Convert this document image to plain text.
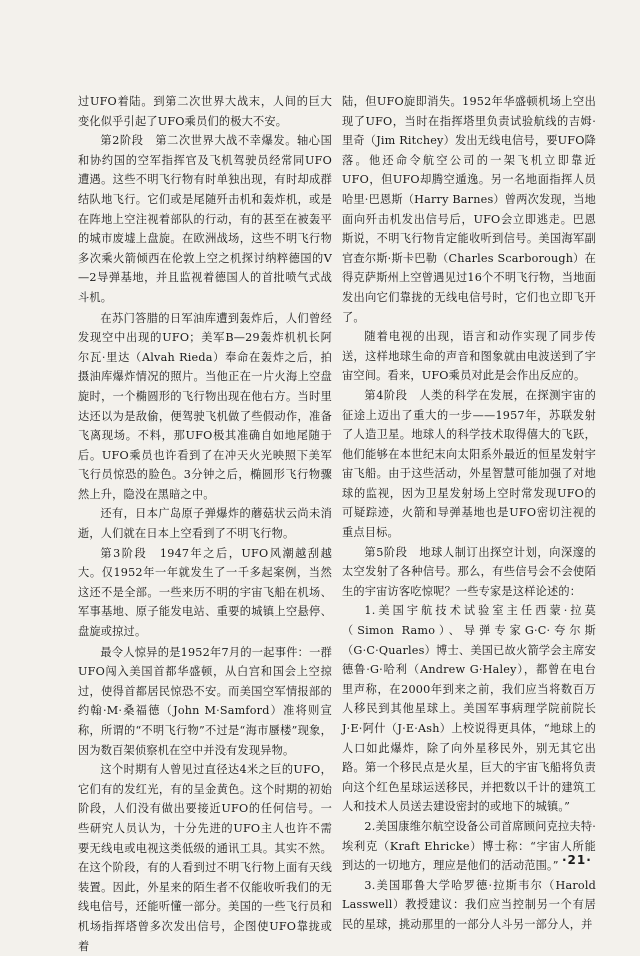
过UFO着陆。到第二次世界大战末，人间的巨大变化似乎引起了UFO乘员们的极大不安。

第2阶段　第二次世界大战不幸爆发。轴心国和协约国的空军指挥官及飞机驾驶员经常同UFO遭遇。这些不明飞行物有时单独出现，有时却成群结队地飞行。它们或是尾随歼击机和轰炸机，或是在阵地上空注视着部队的行动，有的甚至在被轰平的城市废墟上盘旋。在欧洲战场，这些不明飞行物多次乘火箭倾西在伦敦上空之机探讨纳粹德国的V—2导弹基地，并且监视着德国人的首批喷气式战斗机。

在苏门答腊的日军油库遭到轰炸后，人们曾经发现空中出现的UFO；美军B—29轰炸机机长阿尔瓦·里达（Alvah Rieda）奉命在轰炸之后，拍摄油库爆炸情况的照片。当他正在一片火海上空盘旋时，一个椭圆形的飞行物出现在他右方。当时里达还以为是敌偷，便驾驶飞机做了些假动作，准备飞离现场。不料，那UFO极其准确自如地尾随于后。UFO乘员也许看到了在冲天火光映照下美军飞行员惊恐的脸色。3分钟之后，椭圆形飞行物骤然上升，隐没在黑暗之中。

还有，日本广岛原子弹爆炸的蘑菇状云尚未消逝，人们就在日本上空看到了不明飞行物。

第3阶段　1947年之后，UFO风潮越刮越大。仅1952年一年就发生了一千多起案例，当然这还不是全部。一些来历不明的宇宙飞船在机场、军事基地、原子能发电站、重要的城镇上空悬停、盘旋或掠过。

最令人惊异的是1952年7月的一起事件：一群UFO闯入美国首都华盛顿，从白宫和国会上空掠过，使得首都居民惊恐不安。而美国空军情报部的约翰·M·桑福德（John M·Samford）准将则宣称，所谓的“不明飞行物”不过是“海市蜃楼”现象，因为数百架侦察机在空中并没有发现异物。

这个时期有人曾见过直径达4米之巨的UFO，它们有的发红光，有的呈金黄色。这个时期的初始阶段，人们没有做出要接近UFO的任何信号。一些研究人员认为，十分先进的UFO主人也许不需要无线电或电视这类低级的通讯工具。其实不然。在这个阶段，有的人看到过不明飞行物上面有天线装置。因此，外星来的陌生者不仅能收听我们的无线电信号，还能听懂一部分。美国的一些飞行员和机场指挥塔曾多次发出信号，企图使UFO靠拢或着

陆，但UFO旋即消失。1952年华盛顿机场上空出现了UFO，当时在指挥塔里负责试验航线的吉姆·里奇（Jim Ritchey）发出无线电信号，要UFO降落。他还命令航空公司的一架飞机立即靠近UFO，但UFO却腾空遁逸。另一名地面指挥人员哈里·巴恩斯（Harry Barnes）曾两次发现，当地面向歼击机发出信号后，UFO会立即逃走。巴恩斯说，不明飞行物肯定能收听到信号。美国海军副官查尔斯·斯卡巴勒（Charles Scarborough）在得克萨斯州上空曾遇见过16个不明飞行物，当地面发出向它们靠拢的无线电信号时，它们也立即飞开了。

随着电视的出现，语言和动作实现了同步传送，这样地球生命的声音和图象就由电波送到了宇宙空间。看来，UFO乘员对此是会作出反应的。

第4阶段　人类的科学在发展，在探测宇宙的征途上迈出了重大的一步——1957年，苏联发射了人造卫星。地球人的科学技术取得僖大的飞跃，他们能够在本世纪末向太阳系外最近的恒星发射宇宙飞船。由于这些活动，外星智慧可能加强了对地球的监视，因为卫星发射场上空时常发现UFO的可疑踪迹，火箭和导弹基地也是UFO密切注视的重点目标。

第5阶段　地球人制订出探空计划，向深邃的太空发射了各种信号。那么，有些信号会不会使陌生的宇宙访客吃惊呢？一些专家是这样论述的：

1.美国宇航技术试验室主任西蒙·拉莫（Simon Ramo）、导弹专家G·C·夸尔斯（G·C·Quarles）博士、美国已故火箭学会主席安德鲁·G·哈利（Andrew G·Haley），都曾在电台里声称，在2000年到来之前，我们应当将数百万人移民到其他星球上。美国军事病理学院前院长J·E·阿什（J·E·Ash）上校说得更具体，“地球上的人口如此爆炸，除了向外星移民外，别无其它出路。第一个移民点是火星，巨大的宇宙飞船将负责向这个红色星球运送移民，并把数以千计的建筑工人和技术人员送去建设密封的或地下的城镇。”

2.美国康维尔航空设备公司首席顾问克拉夫特·埃利克（Kraft Ehricke）博士称：“宇宙人所能到达的一切地方，理应是他们的活动范围。”

3.美国耶鲁大学哈罗德·拉斯韦尔（Harold Lasswell）教授建议：我们应当控制另一个有居民的星球，挑动那里的一部分人斗另一部分人，并

·21·
